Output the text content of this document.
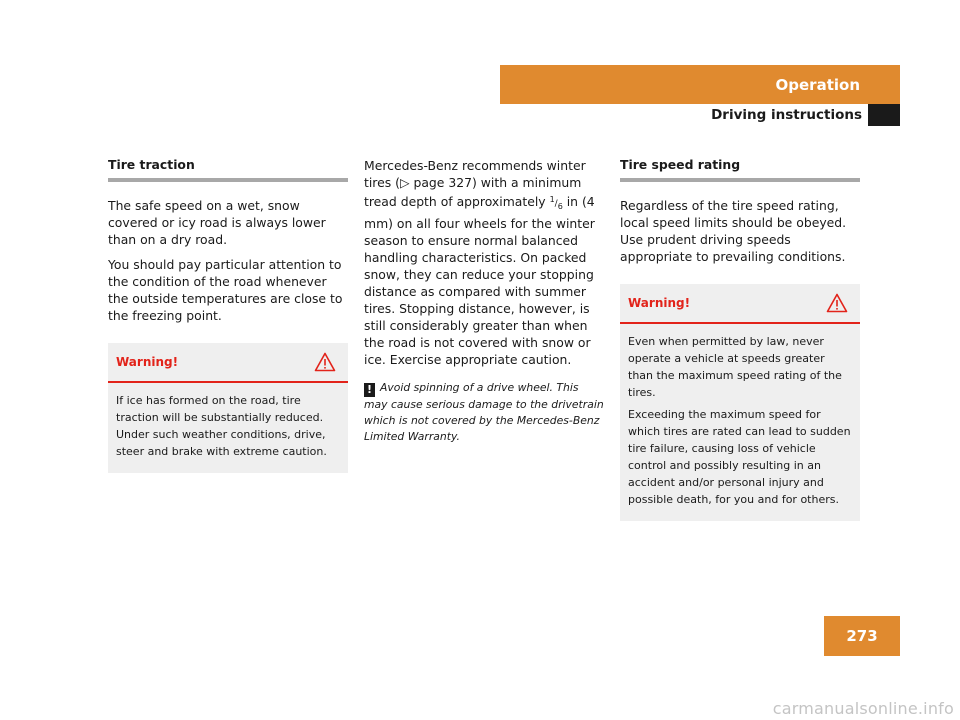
Operation
Driving instructions
Tire traction

The safe speed on a wet, snow covered or icy road is always lower than on a dry road.

You should pay particular attention to the condition of the road whenever the outside temperatures are close to the freezing point.

Warning!

If ice has formed on the road, tire traction will be substantially reduced. Under such weather conditions, drive, steer and brake with extreme caution.

Mercedes-Benz recommends winter tires (▷ page 327) with a minimum tread depth of approximately $^1/_6$ in (4 mm) on all four wheels for the winter season to ensure normal balanced handling characteristics. On packed snow, they can reduce your stopping distance as compared with summer tires. Stopping distance, however, is still considerably greater than when the road is not covered with snow or ice. Exercise appropriate caution.

! Avoid spinning of a drive wheel. This may cause serious damage to the drivetrain which is not covered by the Mercedes-Benz Limited Warranty.
Tire speed rating

Regardless of the tire speed rating, local speed limits should be obeyed. Use prudent driving speeds appropriate to prevailing conditions.

Warning!

Even when permitted by law, never operate a vehicle at speeds greater than the maximum speed rating of the tires.

Exceeding the maximum speed for which tires are rated can lead to sudden tire failure, causing loss of vehicle control and possibly resulting in an accident and/or personal injury and possible death, for you and for others.

273
carmanualsonline.info
